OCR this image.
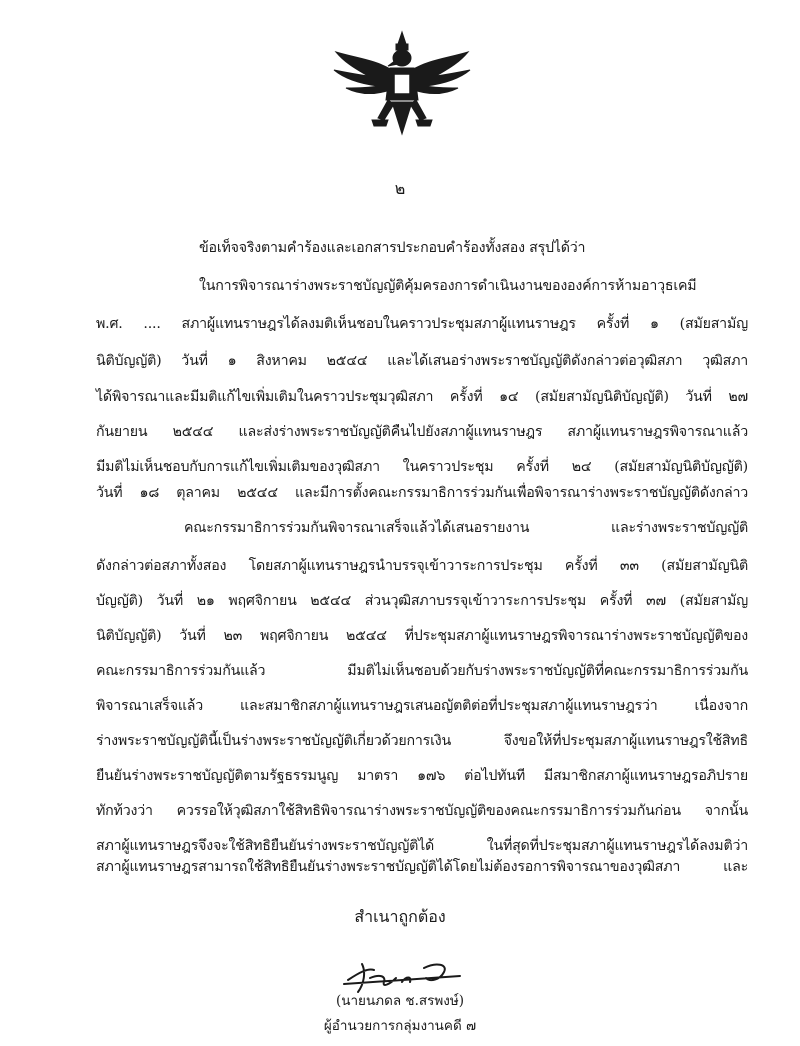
๒
ข้อเท็จจริงตามคำร้องและเอกสารประกอบคำร้องทั้งสอง สรุปได้ว่า
ในการพิจารณาร่างพระราชบัญญัติคุ้มครองการดำเนินงานขององค์การห้ามอาวุธเคมี
พ.ศ. .... สภาผู้แทนราษฎรได้ลงมติเห็นชอบในคราวประชุมสภาผู้แทนราษฎร ครั้งที่ ๑ (สมัยสามัญ
นิติบัญญัติ) วันที่ ๑ สิงหาคม ๒๕๔๔ และได้เสนอร่างพระราชบัญญัติดังกล่าวต่อวุฒิสภา วุฒิสภา
ได้พิจารณาและมีมติแก้ไขเพิ่มเติมในคราวประชุมวุฒิสภา ครั้งที่ ๑๔ (สมัยสามัญนิติบัญญัติ) วันที่ ๒๗
กันยายน ๒๕๔๔ และส่งร่างพระราชบัญญัติคืนไปยังสภาผู้แทนราษฎร สภาผู้แทนราษฎรพิจารณาแล้ว
มีมติไม่เห็นชอบกับการแก้ไขเพิ่มเติมของวุฒิสภา ในคราวประชุม ครั้งที่ ๒๔ (สมัยสามัญนิติบัญญัติ)
วันที่ ๑๘ ตุลาคม ๒๕๔๔ และมีการตั้งคณะกรรมาธิการร่วมกันเพื่อพิจารณาร่างพระราชบัญญัติดังกล่าว
คณะกรรมาธิการร่วมกันพิจารณาเสร็จแล้วได้เสนอรายงาน และร่างพระราชบัญญัติ
ดังกล่าวต่อสภาทั้งสอง โดยสภาผู้แทนราษฎรนำบรรจุเข้าวาระการประชุม ครั้งที่ ๓๓ (สมัยสามัญนิติ
บัญญัติ) วันที่ ๒๑ พฤศจิกายน ๒๕๔๔ ส่วนวุฒิสภาบรรจุเข้าวาระการประชุม ครั้งที่ ๓๗ (สมัยสามัญ
นิติบัญญัติ) วันที่ ๒๓ พฤศจิกายน ๒๕๔๔ ที่ประชุมสภาผู้แทนราษฎรพิจารณาร่างพระราชบัญญัติของ
คณะกรรมาธิการร่วมกันแล้ว มีมติไม่เห็นชอบด้วยกับร่างพระราชบัญญัติที่คณะกรรมาธิการร่วมกัน
พิจารณาเสร็จแล้ว และสมาชิกสภาผู้แทนราษฎรเสนอญัตติต่อที่ประชุมสภาผู้แทนราษฎรว่า เนื่องจาก
ร่างพระราชบัญญัตินี้เป็นร่างพระราชบัญญัติเกี่ยวด้วยการเงิน จึงขอให้ที่ประชุมสภาผู้แทนราษฎรใช้สิทธิ
ยืนยันร่างพระราชบัญญัติตามรัฐธรรมนูญ มาตรา ๑๗๖ ต่อไปทันที มีสมาชิกสภาผู้แทนราษฎรอภิปราย
ทักท้วงว่า ควรรอให้วุฒิสภาใช้สิทธิพิจารณาร่างพระราชบัญญัติของคณะกรรมาธิการร่วมกันก่อน จากนั้น
สภาผู้แทนราษฎรจึงจะใช้สิทธิยืนยันร่างพระราชบัญญัติได้ ในที่สุดที่ประชุมสภาผู้แทนราษฎรได้ลงมติว่า
สภาผู้แทนราษฎรสามารถใช้สิทธิยืนยันร่างพระราชบัญญัติได้โดยไม่ต้องรอการพิจารณาของวุฒิสภา และ
สำเนาถูกต้อง
(นายนภดล ช.สรพงษ์)
ผู้อำนวยการกลุ่มงานคดี ๗
